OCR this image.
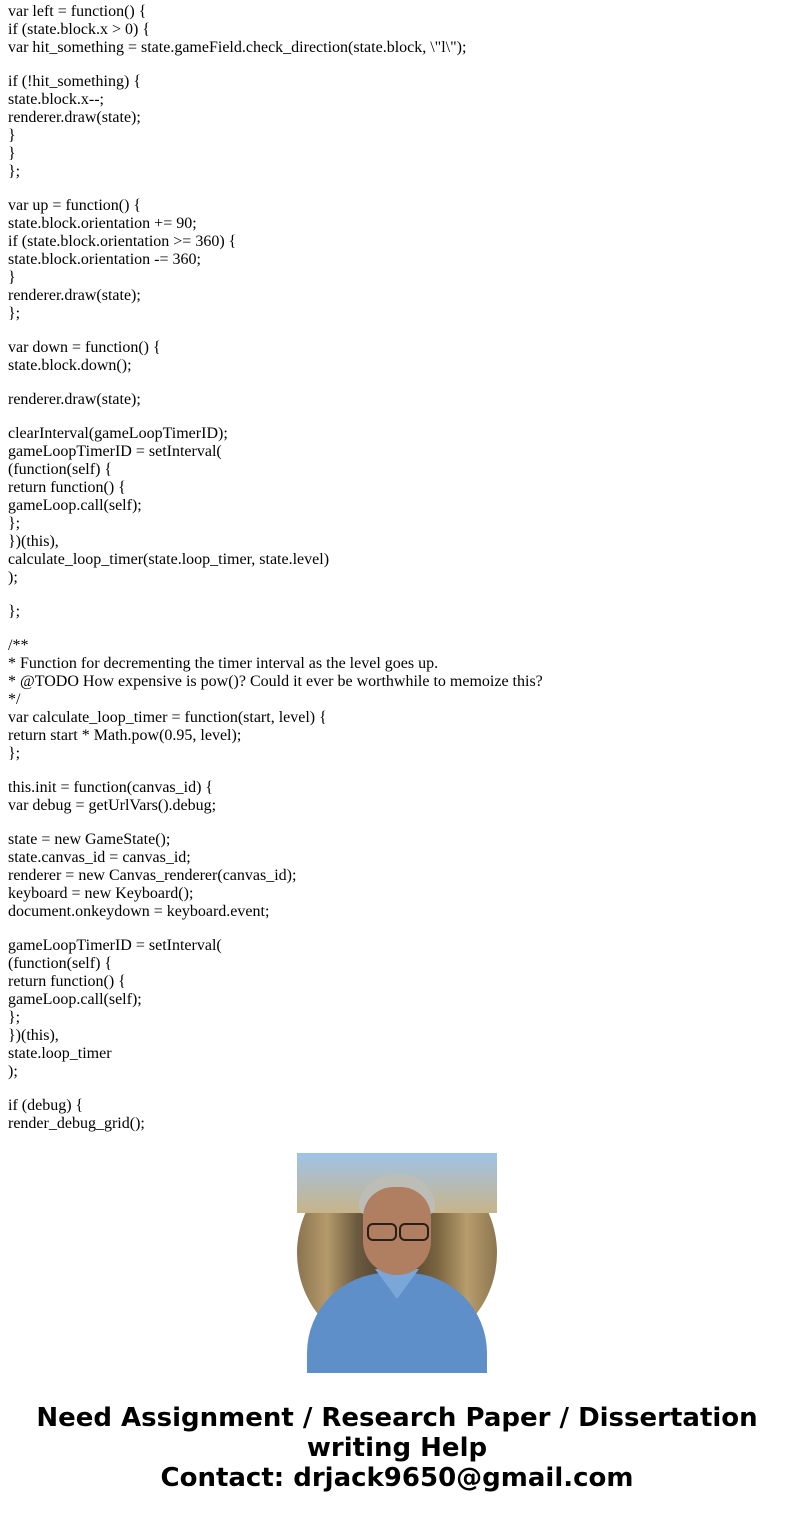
var left = function() {
if (state.block.x > 0) {
var hit_something = state.gameField.check_direction(state.block, \"l\");
if (!hit_something) {
state.block.x--;
renderer.draw(state);
}
}
};
var up = function() {
state.block.orientation += 90;
if (state.block.orientation >= 360) {
state.block.orientation -= 360;
}
renderer.draw(state);
};
var down = function() {
state.block.down();
renderer.draw(state);
clearInterval(gameLoopTimerID);
gameLoopTimerID = setInterval(
(function(self) {
return function() {
gameLoop.call(self);
};
})(this),
calculate_loop_timer(state.loop_timer, state.level)
);
};
/**
* Function for decrementing the timer interval as the level goes up.
* @TODO How expensive is pow()? Could it ever be worthwhile to memoize this?
*/
var calculate_loop_timer = function(start, level) {
return start * Math.pow(0.95, level);
};
this.init = function(canvas_id) {
var debug = getUrlVars().debug;
state = new GameState();
state.canvas_id = canvas_id;
renderer = new Canvas_renderer(canvas_id);
keyboard = new Keyboard();
document.onkeydown = keyboard.event;
gameLoopTimerID = setInterval(
(function(self) {
return function() {
gameLoop.call(self);
};
})(this),
state.loop_timer
);
if (debug) {
render_debug_grid();
Need Assignment / Research Paper / Dissertation
writing Help
Contact: drjack9650@gmail.com
